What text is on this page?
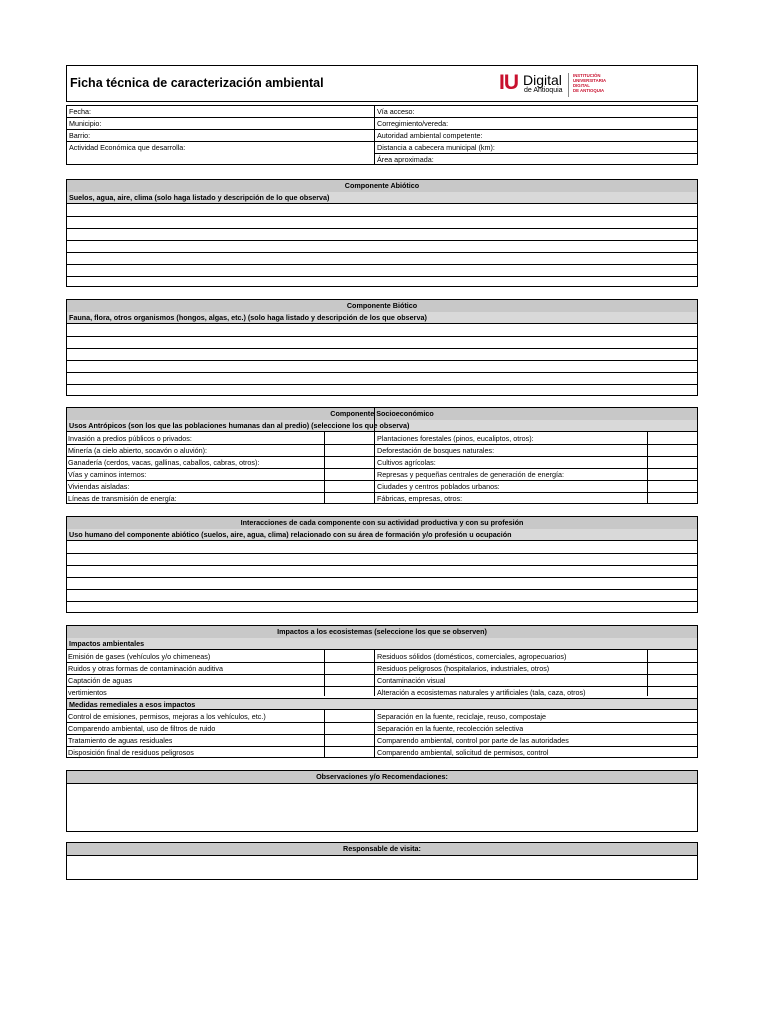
Ficha técnica de caracterización ambiental	IU Digital
de Antioquia
INSTITUCIÓN
UNIVERSITARIA
DIGITAL
DE ANTIOQUIA
Fecha:
Municipio:
Barrio:
Actividad Económica que desarrolla:
Vía acceso:
Corregimiento/vereda:
Autoridad ambiental competente:
Distancia a cabecera municipal (km):
Área aproximada:
Componente Abiótico
Suelos, agua, aire, clima (solo haga listado y descripción de lo que observa)
Componente Biótico
Fauna, flora, otros organismos (hongos, algas, etc.) (solo haga listado y descripción de los que observa)
Componente Socioeconómico
Usos Antrópicos (son los que las poblaciones humanas dan al predio) (seleccione los que observa)
Invasión a predios públicos o privados:
Minería (a cielo abierto, socavón o aluvión):
Ganadería (cerdos, vacas, gallinas, caballos, cabras, otros):
Vías y caminos internos:
Viviendas aisladas:
Líneas de transmisión de energía:
Plantaciones forestales (pinos, eucaliptos, otros):
Deforestación de bosques naturales:
Cultivos agrícolas:
Represas y pequeñas centrales de generación de energía:
Ciudades y centros poblados urbanos:
Fábricas, empresas, otros:
Interacciones de cada componente con su actividad productiva y con su profesión
Uso humano del componente abiótico (suelos, aire, agua, clima) relacionado con su área de formación y/o profesión u ocupación
Impactos a los ecosistemas (seleccione los que se observen)
Impactos ambientales
Emisión de gases (vehículos y/o chimeneas)
Ruidos y otras formas de contaminación auditiva
Captación de aguas
vertimientos
Residuos sólidos (domésticos, comerciales, agropecuarios)
Residuos peligrosos (hospitalarios, industriales, otros)
Contaminación visual
Alteración a ecosistemas naturales y artificiales (tala, caza, otros)
Medidas remediales a esos impactos
Control de emisiones, permisos, mejoras a los vehículos, etc.)
Comparendo ambiental, uso de filtros de ruido
Tratamiento de aguas residuales
Disposición final de residuos peligrosos
Separación en la fuente, reciclaje, reuso, compostaje
Separación en la fuente, recolección selectiva
Comparendo ambiental, control por parte de las autoridades
Comparendo ambiental, solicitud de permisos, control
Observaciones y/o Recomendaciones:
Responsable de visita:
